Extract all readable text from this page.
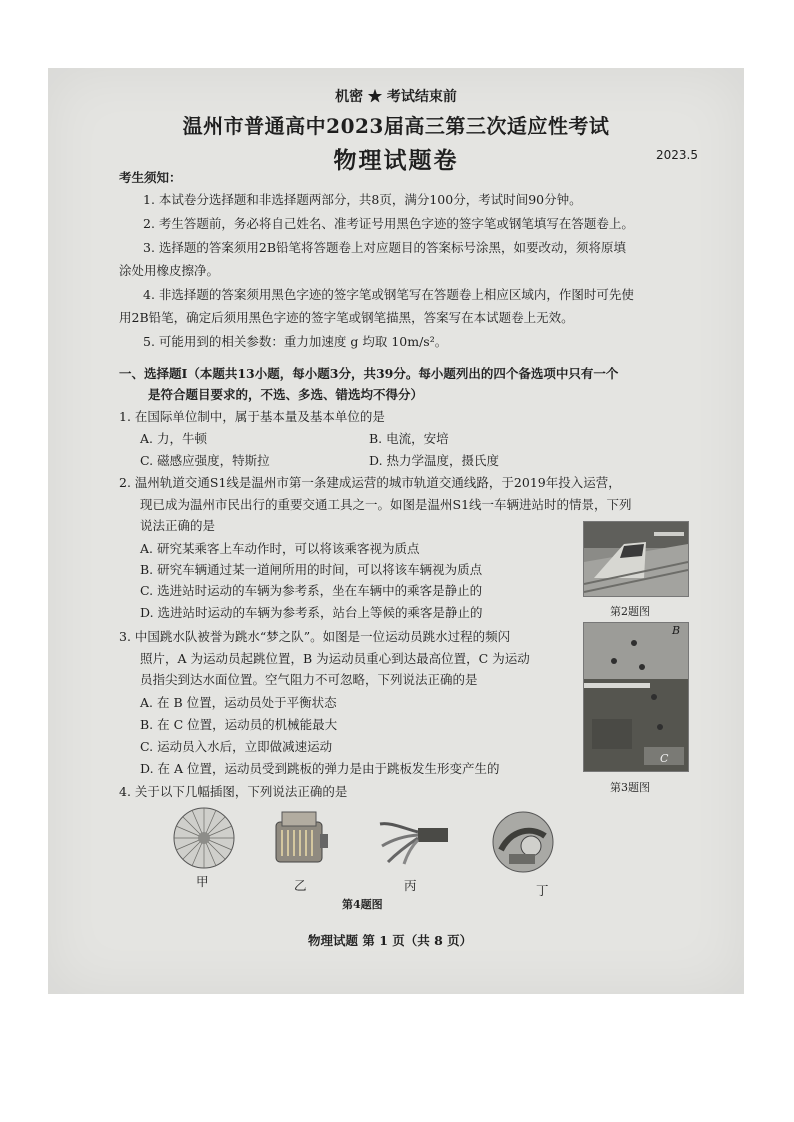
机密 ★ 考试结束前
温州市普通高中2023届高三第三次适应性考试
物理试题卷	2023.5
考生须知：
1. 本试卷分选择题和非选择题两部分，共8页，满分100分，考试时间90分钟。
2. 考生答题前，务必将自己姓名、准考证号用黑色字迹的签字笔或钢笔填写在答题卷上。
3. 选择题的答案须用2B铅笔将答题卷上对应题目的答案标号涂黑，如要改动，须将原填
涂处用橡皮擦净。
4. 非选择题的答案须用黑色字迹的签字笔或钢笔写在答题卷上相应区域内，作图时可先使
用2B铅笔，确定后须用黑色字迹的签字笔或钢笔描黑，答案写在本试题卷上无效。
5. 可能用到的相关参数：重力加速度 g 均取 10m/s²。
一、选择题Ⅰ（本题共13小题，每小题3分，共39分。每小题列出的四个备选项中只有一个
是符合题目要求的，不选、多选、错选均不得分）
1. 在国际单位制中，属于基本量及基本单位的是
A. 力，牛顿	B. 电流，安培
C. 磁感应强度，特斯拉	D. 热力学温度，摄氏度
2. 温州轨道交通S1线是温州市第一条建成运营的城市轨道交通线路，于2019年投入运营，
现已成为温州市民出行的重要交通工具之一。如图是温州S1线一车辆进站时的情景，下列
说法正确的是
A. 研究某乘客上车动作时，可以将该乘客视为质点
B. 研究车辆通过某一道闸所用的时间，可以将该车辆视为质点
C. 选进站时运动的车辆为参考系，坐在车辆中的乘客是静止的
D. 选进站时运动的车辆为参考系，站台上等候的乘客是静止的	第2题图
3. 中国跳水队被誉为跳水“梦之队”。如图是一位运动员跳水过程的频闪
照片，A 为运动员起跳位置，B 为运动员重心到达最高位置，C 为运动
员指尖到达水面位置。空气阻力不可忽略，下列说法正确的是
A. 在 B 位置，运动员处于平衡状态
B. 在 C 位置，运动员的机械能最大
C. 运动员入水后，立即做减速运动
D. 在 A 位置，运动员受到跳板的弹力是由于跳板发生形变产生的
B
C
第3题图
4. 关于以下几幅插图，下列说法正确的是
甲	乙	丙	丁
第4题图
物理试题 第 1 页（共 8 页）
